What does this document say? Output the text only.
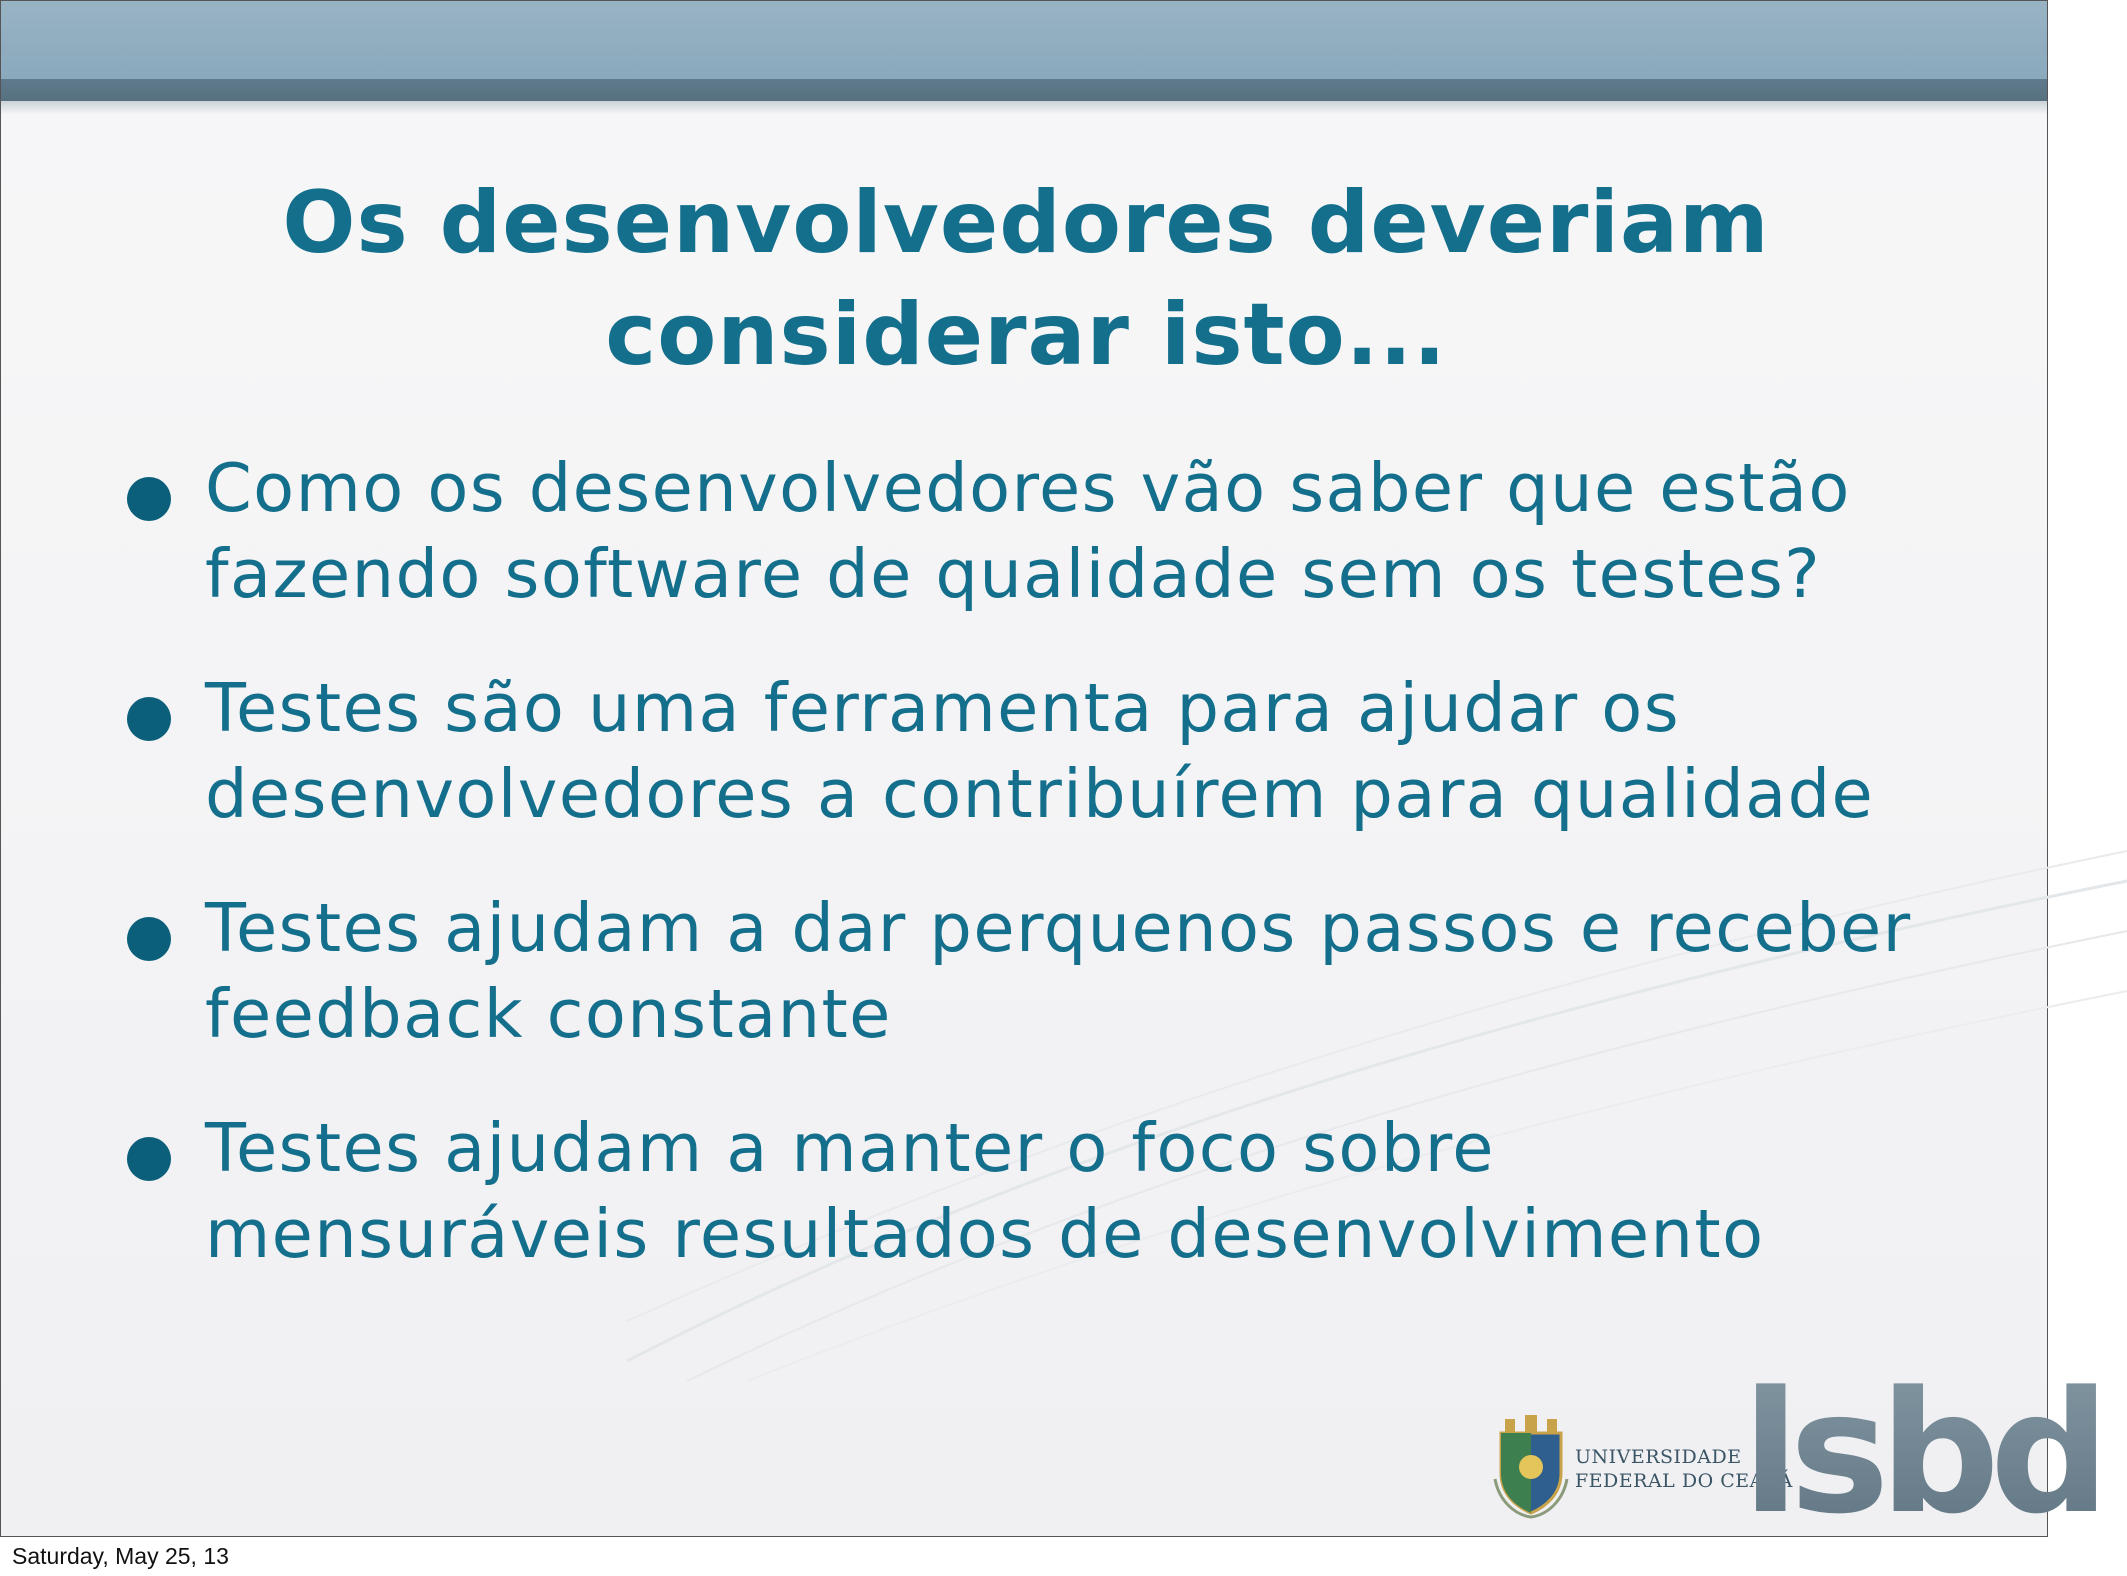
Os desenvolvedores deveriam considerar isto...
Como os desenvolvedores vão saber que estão fazendo software de qualidade sem os testes?
Testes são uma ferramenta para ajudar os desenvolvedores a contribuírem para qualidade
Testes ajudam a dar perquenos passos e receber feedback constante
Testes ajudam a manter o foco sobre mensuráveis resultados de desenvolvimento
UNIVERSIDADE
FEDERAL DO CEARÁ
lsbd
Saturday, May 25, 13
